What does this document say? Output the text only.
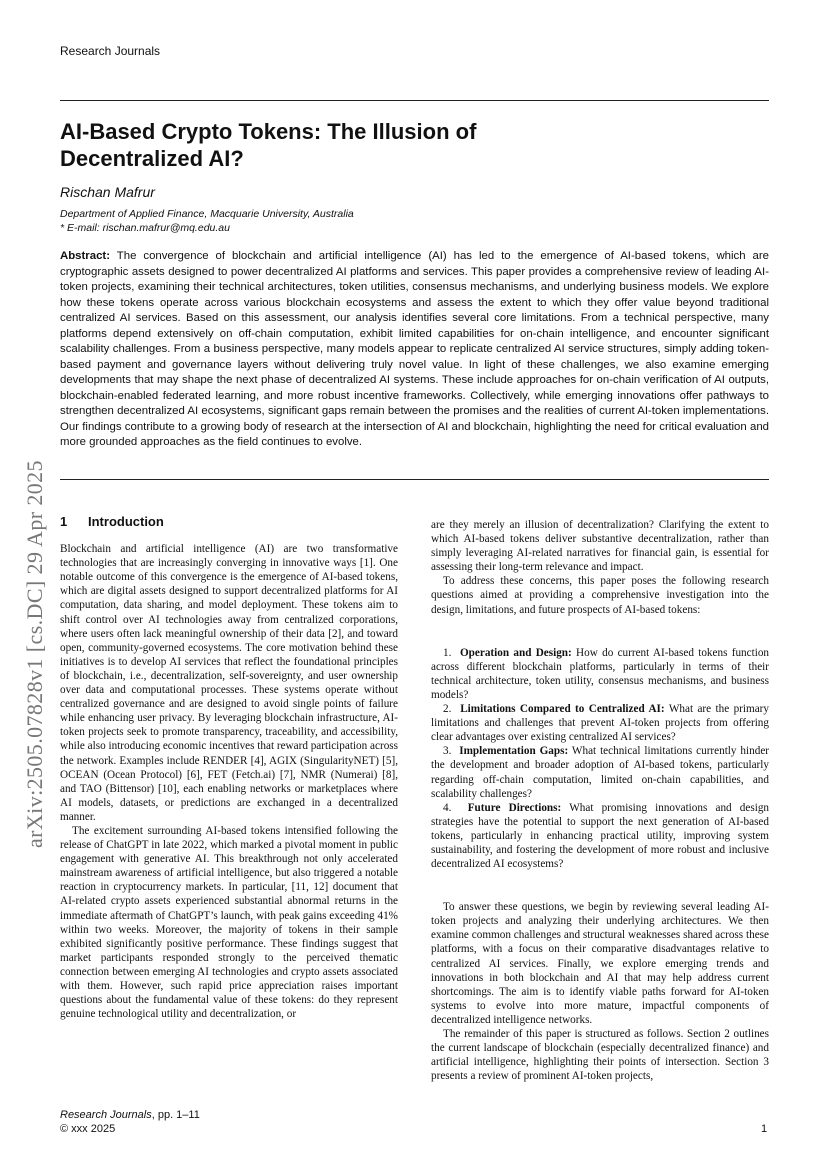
Research Journals
AI-Based Crypto Tokens: The Illusion of
Decentralized AI?
Rischan Mafrur
Department of Applied Finance, Macquarie University, Australia
* E-mail: rischan.mafrur@mq.edu.au

Abstract: The convergence of blockchain and artificial intelligence (AI) has led to the emergence of AI-based tokens, which are cryptographic assets designed to power decentralized AI platforms and services. This paper provides a comprehensive review of leading AI-token projects, examining their technical architectures, token utilities, consensus mechanisms, and underlying business models. We explore how these tokens operate across various blockchain ecosystems and assess the extent to which they offer value beyond traditional centralized AI services. Based on this assessment, our analysis identifies several core limitations. From a technical perspective, many platforms depend extensively on off-chain computation, exhibit limited capabilities for on-chain intelligence, and encounter significant scalability challenges. From a business perspective, many models appear to replicate centralized AI service structures, simply adding token-based payment and governance layers without delivering truly novel value. In light of these challenges, we also examine emerging developments that may shape the next phase of decentralized AI systems. These include approaches for on-chain verification of AI outputs, blockchain-enabled federated learning, and more robust incentive frameworks. Collectively, while emerging innovations offer pathways to strengthen decentralized AI ecosystems, significant gaps remain between the promises and the realities of current AI-token implementations. Our findings contribute to a growing body of research at the intersection of AI and blockchain, highlighting the need for critical evaluation and more grounded approaches as the field continues to evolve.

arXiv:2505.07828v1 [cs.DC] 29 Apr 2025 1 Introduction

Blockchain and artificial intelligence (AI) are two transformative technologies that are increasingly converging in innovative ways [1]. One notable outcome of this convergence is the emergence of AI-based tokens, which are digital assets designed to support decentralized platforms for AI computation, data sharing, and model deployment. These tokens aim to shift control over AI technologies away from centralized corporations, where users often lack meaningful ownership of their data [2], and toward open, community-governed ecosystems. The core motivation behind these initiatives is to develop AI services that reflect the foundational principles of blockchain, i.e., decentralization, self-sovereignty, and user ownership over data and computational processes. These systems operate without centralized governance and are designed to avoid single points of failure while enhancing user privacy. By leveraging blockchain infrastructure, AI-token projects seek to promote transparency, traceability, and accessibility, while also introducing economic incentives that reward participation across the network. Examples include RENDER [4], AGIX (SingularityNET) [5], OCEAN (Ocean Protocol) [6], FET (Fetch.ai) [7], NMR (Numerai) [8], and TAO (Bittensor) [10], each enabling networks or marketplaces where AI models, datasets, or predictions are exchanged in a decentralized manner.

The excitement surrounding AI-based tokens intensified following the release of ChatGPT in late 2022, which marked a pivotal moment in public engagement with generative AI. This breakthrough not only accelerated mainstream awareness of artificial intelligence, but also triggered a notable reaction in cryptocurrency markets. In particular, [11, 12] document that AI-related crypto assets experienced substantial abnormal returns in the immediate aftermath of ChatGPT’s launch, with peak gains exceeding 41% within two weeks. Moreover, the majority of tokens in their sample exhibited significantly positive performance. These findings suggest that market participants responded strongly to the perceived thematic connection between emerging AI technologies and crypto assets associated with them. However, such rapid price appreciation raises important questions about the fundamental value of these tokens: do they represent genuine technological utility and decentralization, or

are they merely an illusion of decentralization? Clarifying the extent to which AI-based tokens deliver substantive decentralization, rather than simply leveraging AI-related narratives for financial gain, is essential for assessing their long-term relevance and impact.

To address these concerns, this paper poses the following research questions aimed at providing a comprehensive investigation into the design, limitations, and future prospects of AI-based tokens:

1. Operation and Design: How do current AI-based tokens function across different blockchain platforms, particularly in terms of their technical architecture, token utility, consensus mechanisms, and business models?

2. Limitations Compared to Centralized AI: What are the primary limitations and challenges that prevent AI-token projects from offering clear advantages over existing centralized AI services?

3. Implementation Gaps: What technical limitations currently hinder the development and broader adoption of AI-based tokens, particularly regarding off-chain computation, limited on-chain capabilities, and scalability challenges?

4. Future Directions: What promising innovations and design strategies have the potential to support the next generation of AI-based tokens, particularly in enhancing practical utility, improving system sustainability, and fostering the development of more robust and inclusive decentralized AI ecosystems?

To answer these questions, we begin by reviewing several leading AI-token projects and analyzing their underlying architectures. We then examine common challenges and structural weaknesses shared across these platforms, with a focus on their comparative disadvantages relative to centralized AI services. Finally, we explore emerging trends and innovations in both blockchain and AI that may help address current shortcomings. The aim is to identify viable paths forward for AI-token systems to evolve into more mature, impactful components of decentralized intelligence networks.

The remainder of this paper is structured as follows. Section 2 outlines the current landscape of blockchain (especially decentralized finance) and artificial intelligence, highlighting their points of intersection. Section 3 presents a review of prominent AI-token projects,

Research Journals, pp. 1–11
© xxx 2025	1
